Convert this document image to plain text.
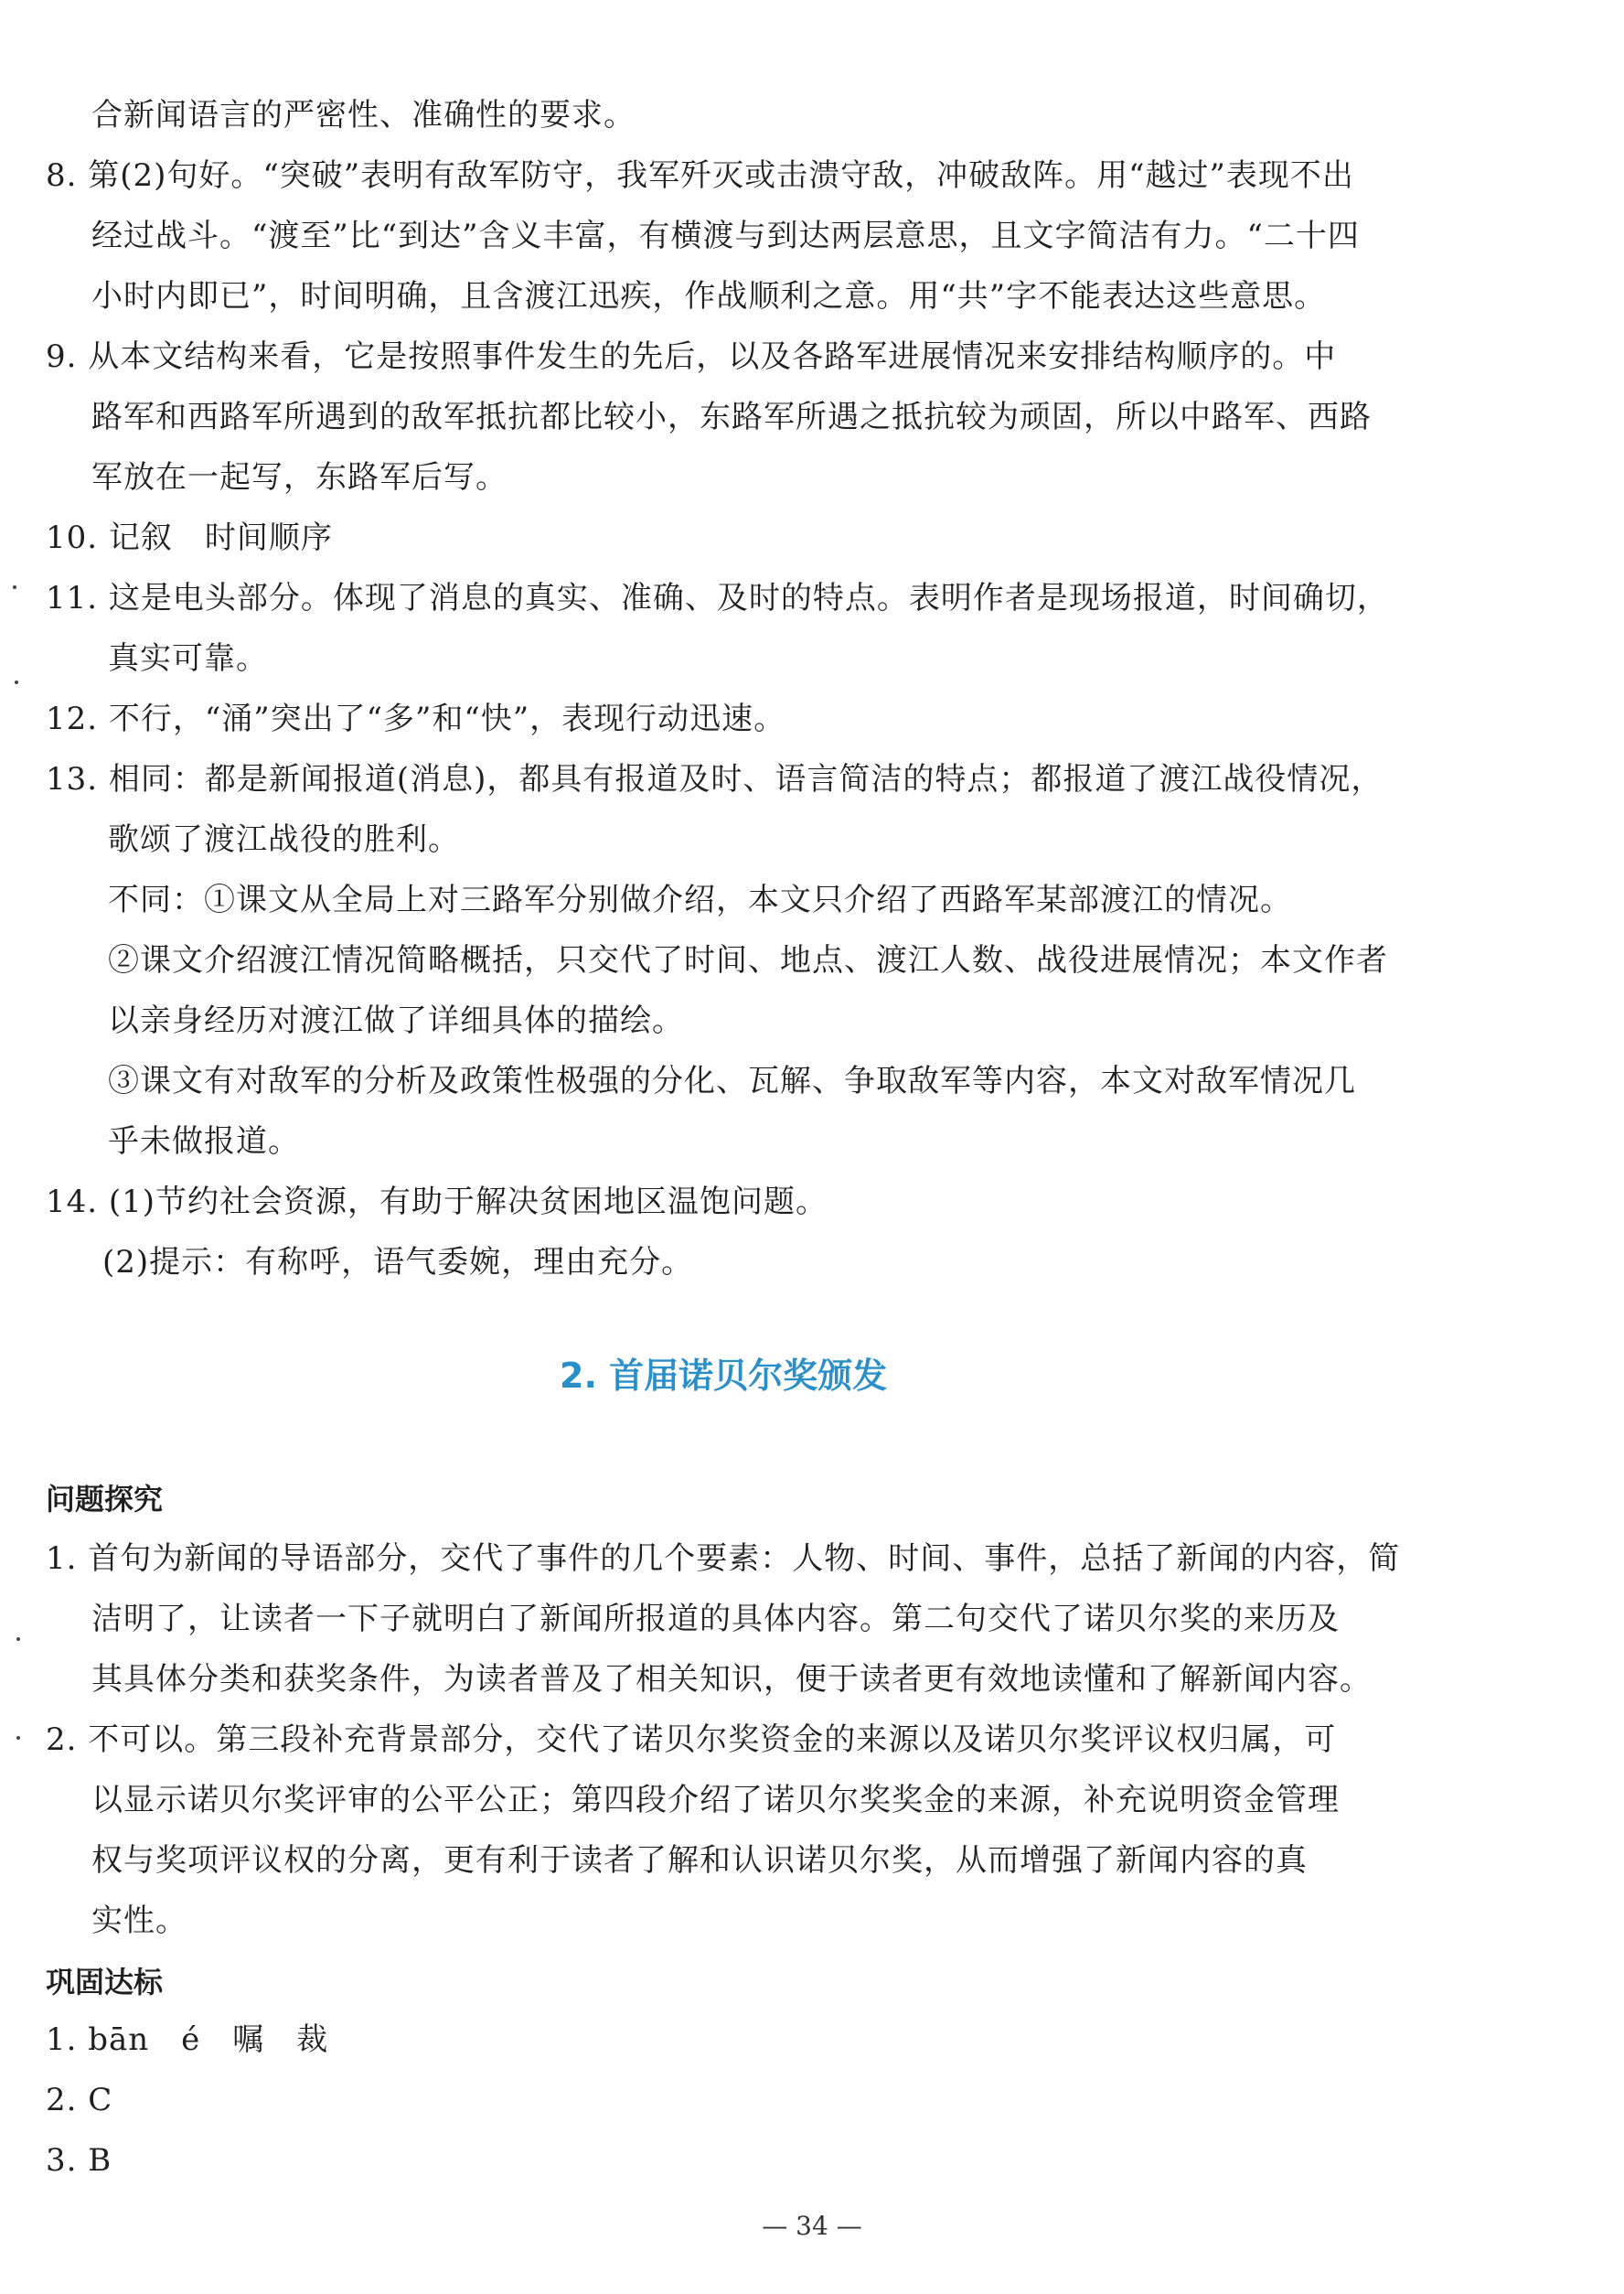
合新闻语言的严密性、准确性的要求。
8. 第(2)句好。“突破”表明有敌军防守，我军歼灭或击溃守敌，冲破敌阵。用“越过”表现不出
经过战斗。“渡至”比“到达”含义丰富，有横渡与到达两层意思，且文字简洁有力。“二十四
小时内即已”，时间明确，且含渡江迅疾，作战顺利之意。用“共”字不能表达这些意思。
9. 从本文结构来看，它是按照事件发生的先后，以及各路军进展情况来安排结构顺序的。中
路军和西路军所遇到的敌军抵抗都比较小，东路军所遇之抵抗较为顽固，所以中路军、西路
军放在一起写，东路军后写。
10. 记叙　时间顺序
11. 这是电头部分。体现了消息的真实、准确、及时的特点。表明作者是现场报道，时间确切，
真实可靠。
12. 不行，“涌”突出了“多”和“快”，表现行动迅速。
13. 相同：都是新闻报道(消息)，都具有报道及时、语言简洁的特点；都报道了渡江战役情况，
歌颂了渡江战役的胜利。
不同：①课文从全局上对三路军分别做介绍，本文只介绍了西路军某部渡江的情况。
②课文介绍渡江情况简略概括，只交代了时间、地点、渡江人数、战役进展情况；本文作者
以亲身经历对渡江做了详细具体的描绘。
③课文有对敌军的分析及政策性极强的分化、瓦解、争取敌军等内容，本文对敌军情况几
乎未做报道。
14. (1)节约社会资源，有助于解决贫困地区温饱问题。
(2)提示：有称呼，语气委婉，理由充分。
2. 首届诺贝尔奖颁发
问题探究
1. 首句为新闻的导语部分，交代了事件的几个要素：人物、时间、事件，总括了新闻的内容，简
洁明了，让读者一下子就明白了新闻所报道的具体内容。第二句交代了诺贝尔奖的来历及
其具体分类和获奖条件，为读者普及了相关知识，便于读者更有效地读懂和了解新闻内容。
2. 不可以。第三段补充背景部分，交代了诺贝尔奖资金的来源以及诺贝尔奖评议权归属，可
以显示诺贝尔奖评审的公平公正；第四段介绍了诺贝尔奖奖金的来源，补充说明资金管理
权与奖项评议权的分离，更有利于读者了解和认识诺贝尔奖，从而增强了新闻内容的真
实性。
巩固达标
1. bān　é　嘱　裁
2. C
3. B
— 34 —
